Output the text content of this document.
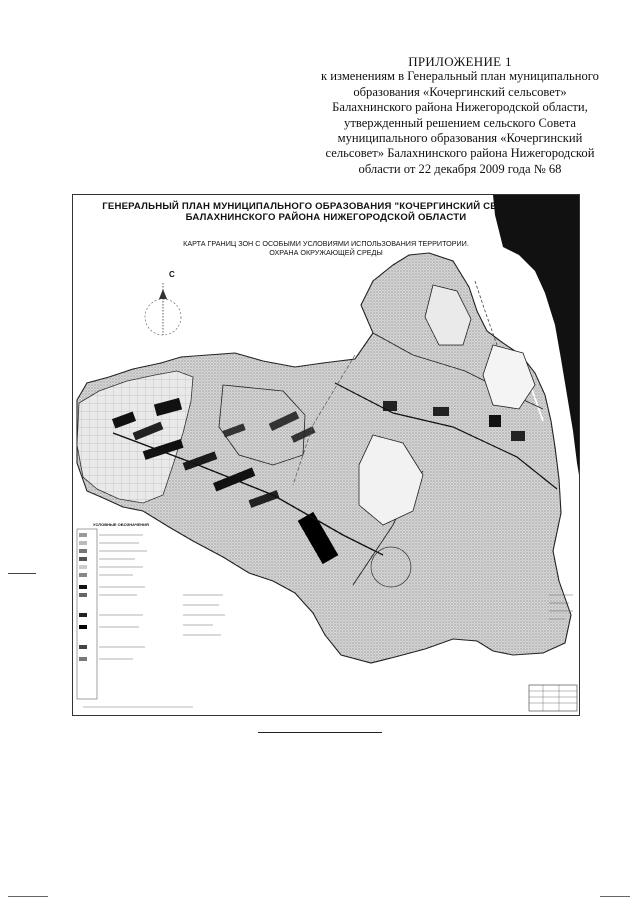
ПРИЛОЖЕНИЕ 1
к изменениям в Генеральный план муниципального
образования «Кочергинский сельсовет»
Балахнинского района Нижегородской области,
утвержденный решением сельского Совета
муниципального образования «Кочергинский
сельсовет» Балахнинского района Нижегородской
области от 22 декабря 2009 года № 68
ГЕНЕРАЛЬНЫЙ ПЛАН МУНИЦИПАЛЬНОГО ОБРАЗОВАНИЯ "КОЧЕРГИНСКИЙ СЕЛЬСОВЕТ"
БАЛАХНИНСКОГО РАЙОНА НИЖЕГОРОДСКОЙ ОБЛАСТИ
КАРТА ГРАНИЦ ЗОН С ОСОБЫМИ УСЛОВИЯМИ ИСПОЛЬЗОВАНИЯ ТЕРРИТОРИИ.
ОХРАНА ОКРУЖАЮЩЕЙ СРЕДЫ
С
УСЛОВНЫЕ ОБОЗНАЧЕНИЯ
